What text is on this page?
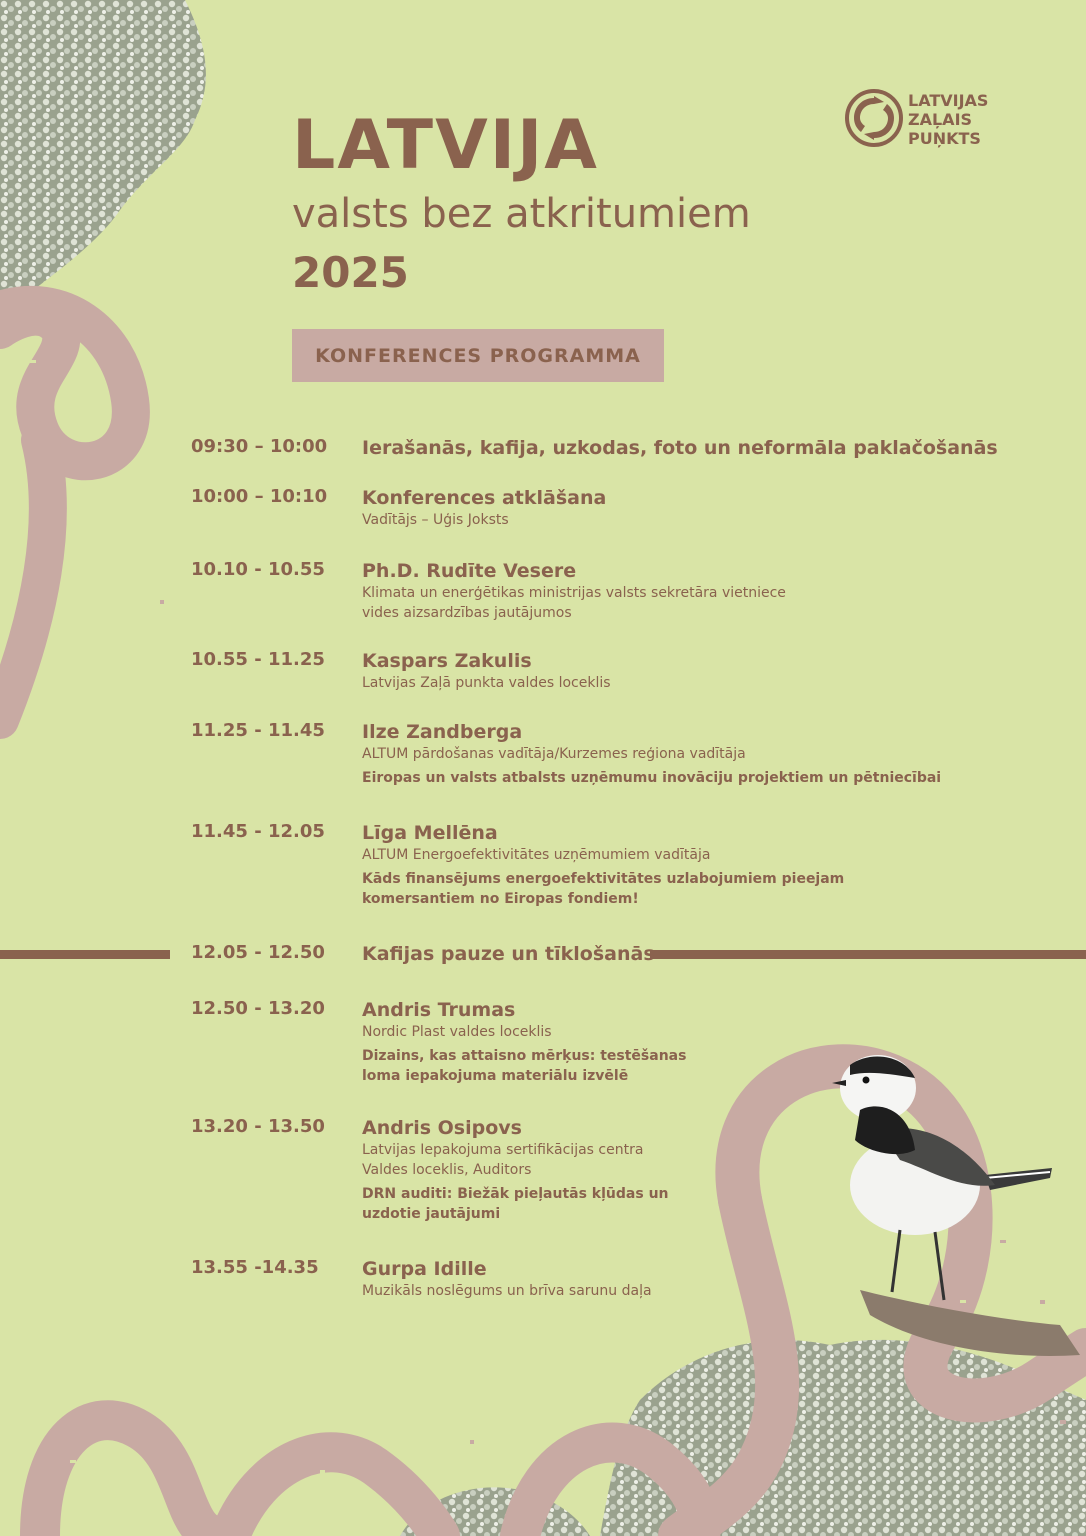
LATVIJAS
ZAĻAIS
PUŅKTS
LATVIJA
valsts bez atkritumiem
2025
KONFERENCES PROGRAMMA
09:30 – 10:00 Ierašanās, kafija, uzkodas, foto un neformāla paklačošanās
10:00 – 10:10 Konferences atklāšana
Vadītājs – Uģis Joksts
10.10 - 10.55 Ph.D. Rudīte Vesere
Klimata un enerģētikas ministrijas valsts sekretāra vietniece
vides aizsardzības jautājumos
10.55 - 11.25 Kaspars Zakulis
Latvijas Zaļā punkta valdes loceklis
11.25 - 11.45 Ilze Zandberga
ALTUM pārdošanas vadītāja/Kurzemes reģiona vadītāja
Eiropas un valsts atbalsts uzņēmumu inovāciju projektiem un pētniecībai
11.45 - 12.05 Līga Mellēna
ALTUM Energoefektivitātes uzņēmumiem vadītāja
Kāds finansējums energoefektivitātes uzlabojumiem pieejam
komersantiem no Eiropas fondiem!
12.05 - 12.50 Kafijas pauze un tīklošanās
12.50 - 13.20 Andris Trumas
Nordic Plast valdes loceklis
Dizains, kas attaisno mērķus: testēšanas
loma iepakojuma materiālu izvēlē
13.20 - 13.50 Andris Osipovs
Latvijas Iepakojuma sertifikācijas centra
Valdes loceklis, Auditors
DRN auditi: Biežāk pieļautās kļūdas un
uzdotie jautājumi
13.55 -14.35 Gurpa Idille
Muzikāls noslēgums un brīva sarunu daļa
